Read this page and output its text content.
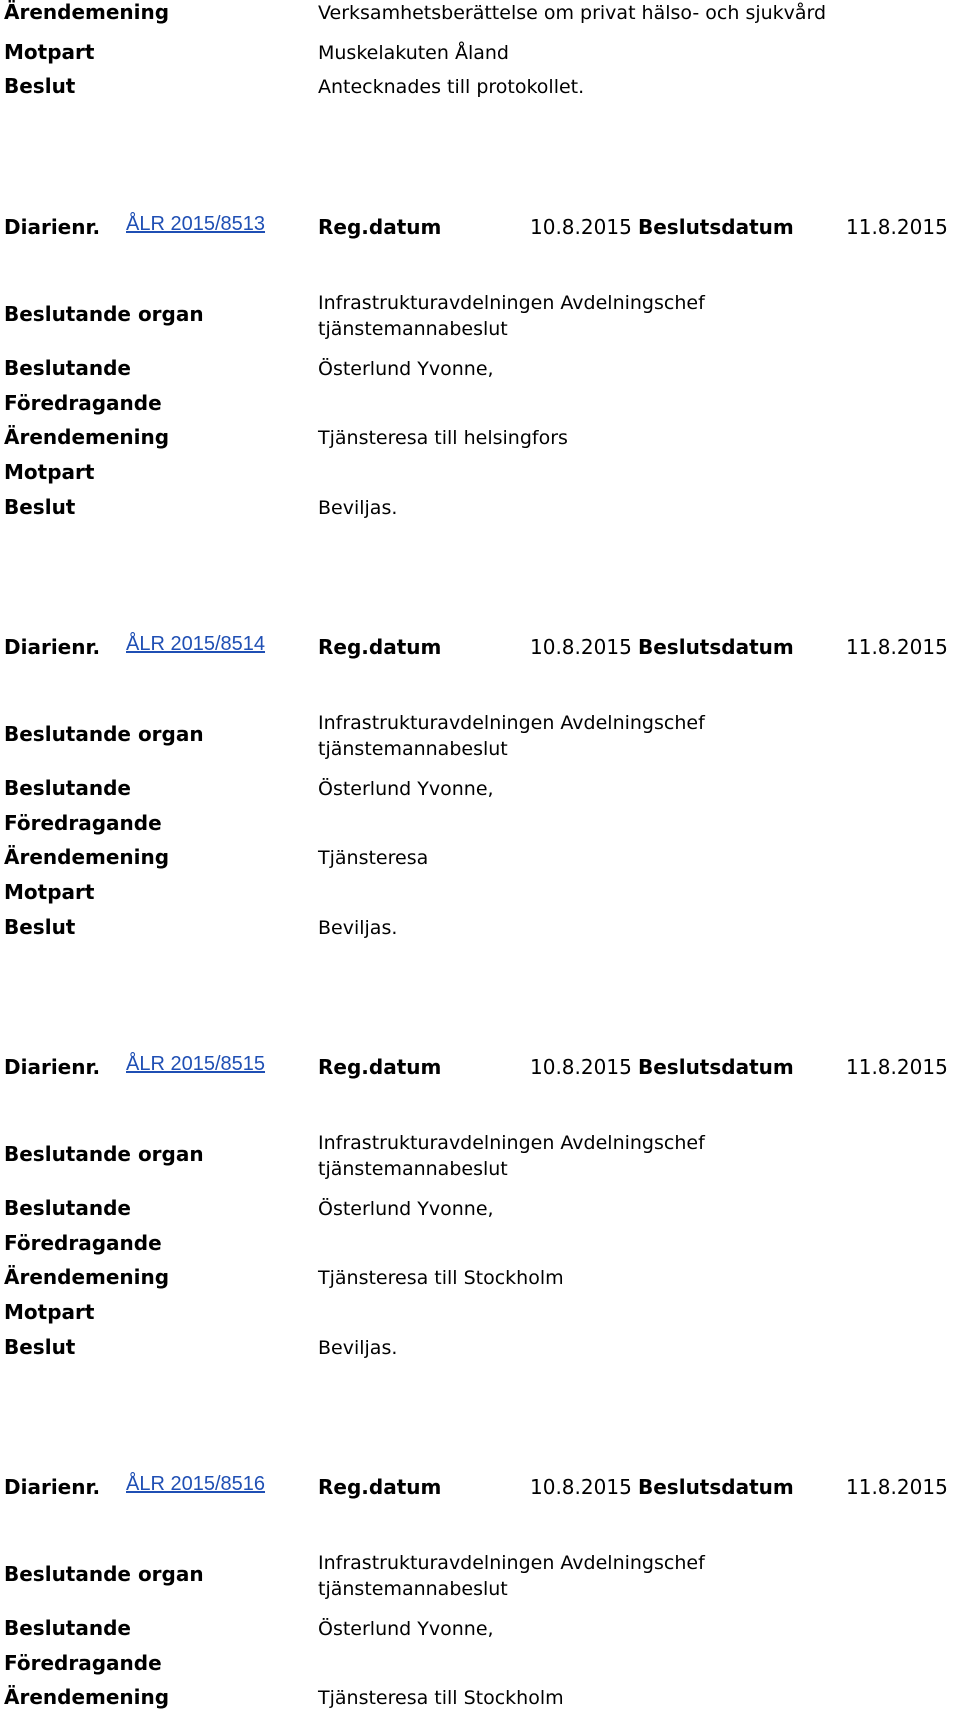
Ärendemening	Verksamhetsberättelse om privat hälso- och sjukvård
Motpart	Muskelakuten Åland
Beslut	Antecknades till protokollet.
Diarienr. ÅLR 2015/8513	Reg.datum	10.8.2015 Beslutsdatum	11.8.2015
Beslutande organ	Infrastrukturavdelningen Avdelningschef
tjänstemannabeslut
Beslutande	Österlund Yvonne,
Föredragande
Ärendemening	Tjänsteresa till helsingfors
Motpart
Beslut	Beviljas.
Diarienr. ÅLR 2015/8514	Reg.datum	10.8.2015 Beslutsdatum	11.8.2015
Beslutande organ	Infrastrukturavdelningen Avdelningschef
tjänstemannabeslut
Beslutande	Österlund Yvonne,
Föredragande
Ärendemening	Tjänsteresa
Motpart
Beslut	Beviljas.
Diarienr. ÅLR 2015/8515	Reg.datum	10.8.2015 Beslutsdatum	11.8.2015
Beslutande organ	Infrastrukturavdelningen Avdelningschef
tjänstemannabeslut
Beslutande	Österlund Yvonne,
Föredragande
Ärendemening	Tjänsteresa till Stockholm
Motpart
Beslut	Beviljas.
Diarienr. ÅLR 2015/8516	Reg.datum	10.8.2015 Beslutsdatum	11.8.2015
Beslutande organ	Infrastrukturavdelningen Avdelningschef
tjänstemannabeslut
Beslutande	Österlund Yvonne,
Föredragande
Ärendemening	Tjänsteresa till Stockholm
